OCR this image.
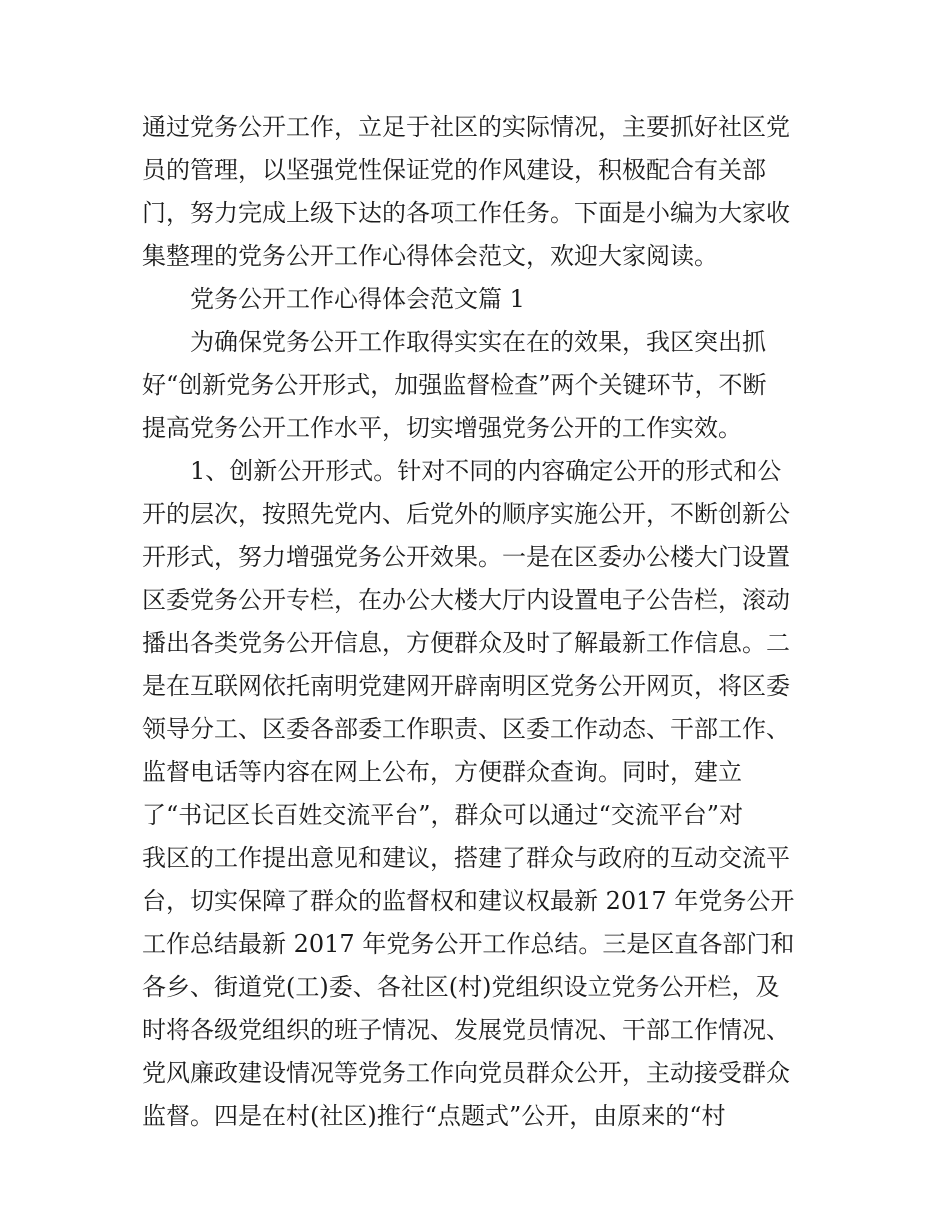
通过党务公开工作，立足于社区的实际情况，主要抓好社区党
员的管理，以坚强党性保证党的作风建设，积极配合有关部
门，努力完成上级下达的各项工作任务。下面是小编为大家收
集整理的党务公开工作心得体会范文，欢迎大家阅读。
党务公开工作心得体会范文篇 1
为确保党务公开工作取得实实在在的效果，我区突出抓
好“创新党务公开形式，加强监督检查”两个关键环节，不断
提高党务公开工作水平，切实增强党务公开的工作实效。
1、创新公开形式。针对不同的内容确定公开的形式和公
开的层次，按照先党内、后党外的顺序实施公开，不断创新公
开形式，努力增强党务公开效果。一是在区委办公楼大门设置
区委党务公开专栏，在办公大楼大厅内设置电子公告栏，滚动
播出各类党务公开信息，方便群众及时了解最新工作信息。二
是在互联网依托南明党建网开辟南明区党务公开网页，将区委
领导分工、区委各部委工作职责、区委工作动态、干部工作、
监督电话等内容在网上公布，方便群众查询。同时，建立
了“书记区长百姓交流平台”，群众可以通过“交流平台”对
我区的工作提出意见和建议，搭建了群众与政府的互动交流平
台，切实保障了群众的监督权和建议权最新 2017 年党务公开
工作总结最新 2017 年党务公开工作总结。三是区直各部门和
各乡、街道党(工)委、各社区(村)党组织设立党务公开栏，及
时将各级党组织的班子情况、发展党员情况、干部工作情况、
党风廉政建设情况等党务工作向党员群众公开，主动接受群众
监督。四是在村(社区)推行“点题式”公开，由原来的“村
